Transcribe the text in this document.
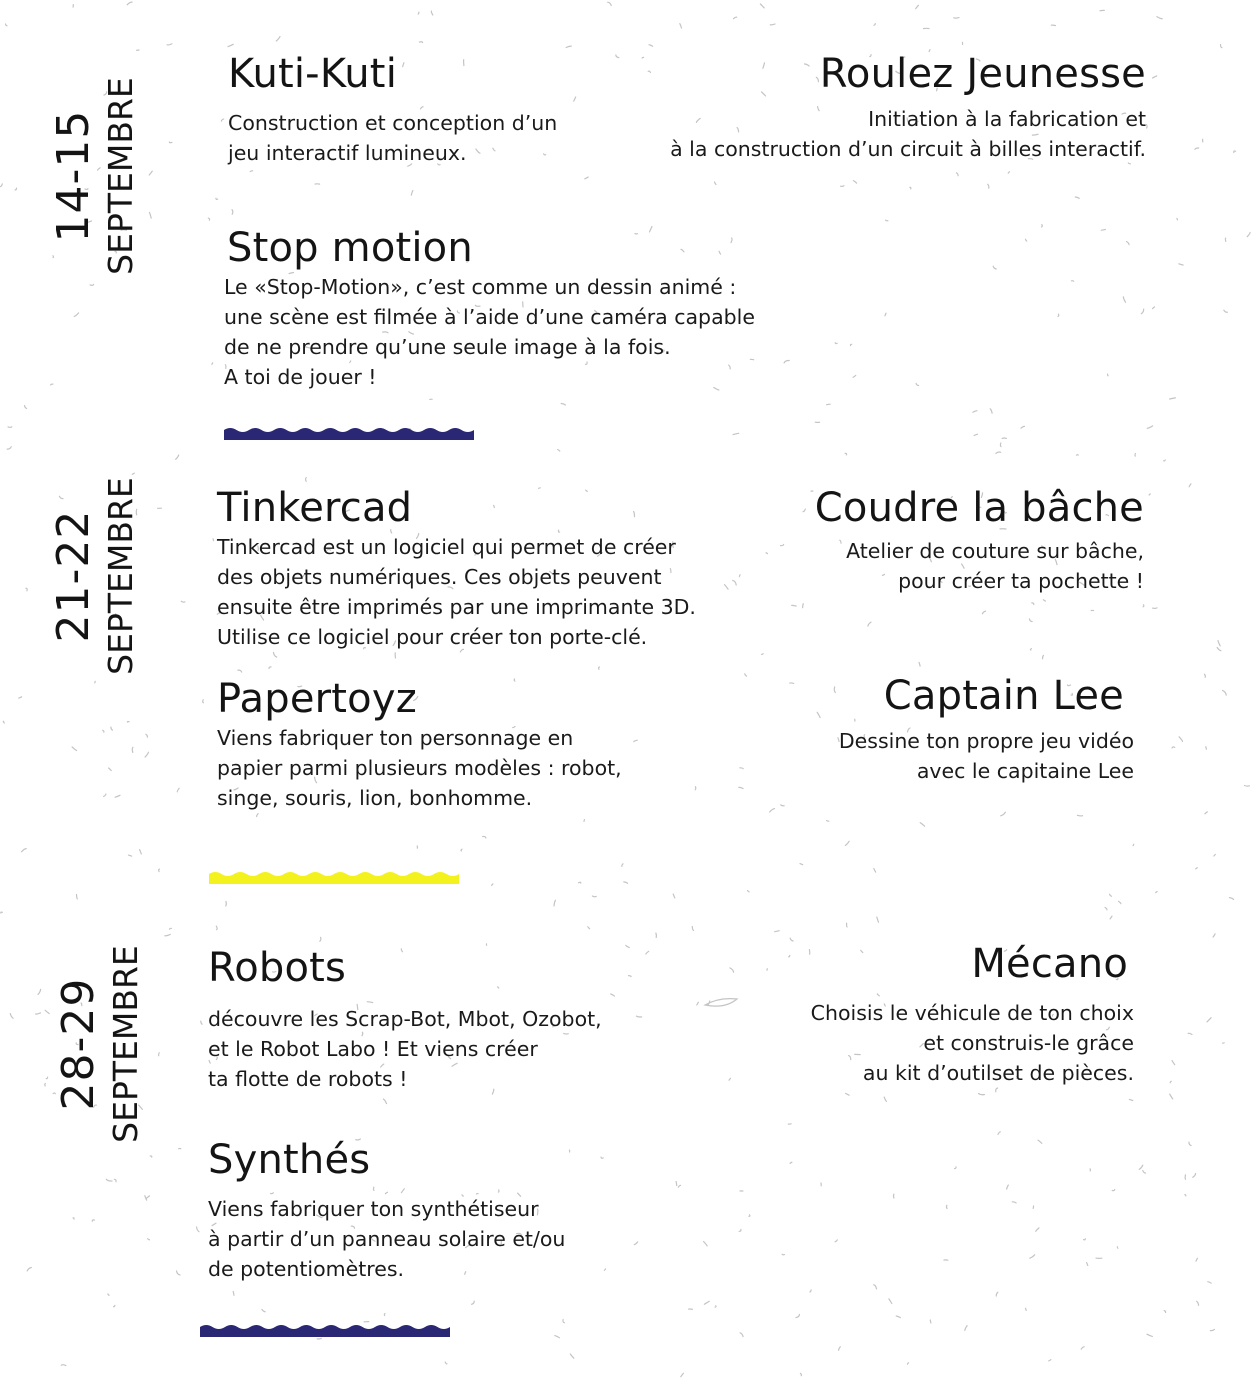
14-15 SEPTEMBRE
21-22 SEPTEMBRE
28-29 SEPTEMBRE
Kuti-Kuti

Construction et conception d’un
jeu interactif lumineux.

Roulez Jeunesse

Initiation à la fabrication et
à la construction d’un circuit à billes interactif.

Stop motion

Le «Stop-Motion», c’est comme un dessin animé :
une scène est filmée à l’aide d’une caméra capable
de ne prendre qu’une seule image à la fois.
A toi de jouer !

Tinkercad

Tinkercad est un logiciel qui permet de créer
des objets numériques. Ces objets peuvent
ensuite être imprimés par une imprimante 3D.
Utilise ce logiciel pour créer ton porte-clé.

Coudre la bâche

Atelier de couture sur bâche,
pour créer ta pochette !

Papertoyz

Viens fabriquer ton personnage en
papier parmi plusieurs modèles : robot,
singe, souris, lion, bonhomme.

Captain Lee

Dessine ton propre jeu vidéo
avec le capitaine Lee

Robots

découvre les Scrap-Bot, Mbot, Ozobot,
et le Robot Labo ! Et viens créer
ta flotte de robots !

Mécano

Choisis le véhicule de ton choix
et construis-le grâce
au kit d’outilset de pièces.

Synthés

Viens fabriquer ton synthétiseur
à partir d’un panneau solaire et/ou
de potentiomètres.
